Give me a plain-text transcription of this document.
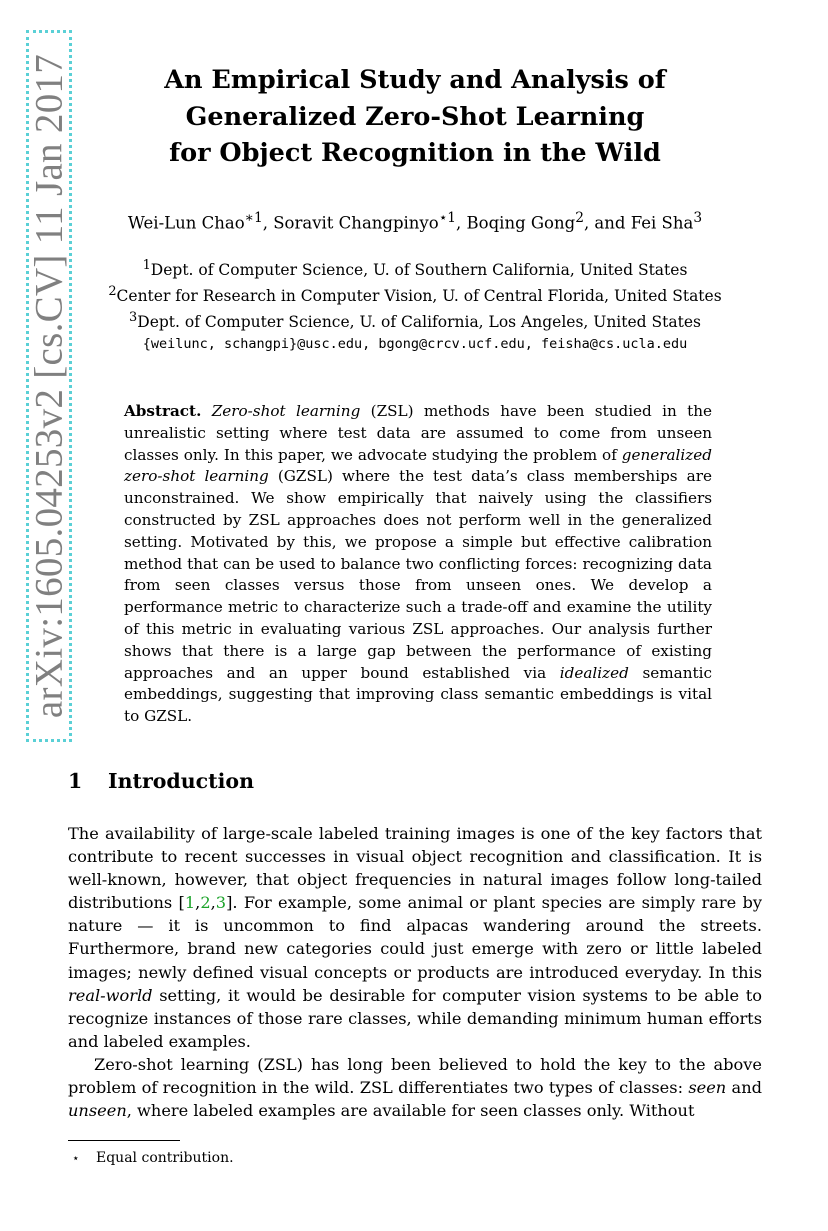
arXiv:1605.04253v2 [cs.CV] 11 Jan 2017	An Empirical Study and Analysis of
Generalized Zero-Shot Learning
for Object Recognition in the Wild
Wei-Lun Chao$^{∗1}$, Soravit Changpinyo$^{⋆1}$, Boqing Gong$^2$, and Fei Sha$^3$
$^1$Dept. of Computer Science, U. of Southern California, United States
$^2$Center for Research in Computer Vision, U. of Central Florida, United States
$^3$Dept. of Computer Science, U. of California, Los Angeles, United States
{weilunc, schangpi}@usc.edu, bgong@crcv.ucf.edu, feisha@cs.ucla.edu

Abstract. Zero-shot learning (ZSL) methods have been studied in the unrealistic setting where test data are assumed to come from unseen classes only. In this paper, we advocate studying the problem of generalized zero-shot learning (GZSL) where the test data’s class memberships are unconstrained. We show empirically that naively using the classifiers constructed by ZSL approaches does not perform well in the generalized setting. Motivated by this, we propose a simple but effective calibration method that can be used to balance two conflicting forces: recognizing data from seen classes versus those from unseen ones. We develop a performance metric to characterize such a trade-off and examine the utility of this metric in evaluating various ZSL approaches. Our analysis further shows that there is a large gap between the performance of existing approaches and an upper bound established via idealized semantic embeddings, suggesting that improving class semantic embeddings is vital to GZSL.

1 Introduction

The availability of large-scale labeled training images is one of the key factors that contribute to recent successes in visual object recognition and classification. It is well-known, however, that object frequencies in natural images follow long-tailed distributions [1,2,3]. For example, some animal or plant species are simply rare by nature — it is uncommon to find alpacas wandering around the streets. Furthermore, brand new categories could just emerge with zero or little labeled images; newly defined visual concepts or products are introduced everyday. In this real-world setting, it would be desirable for computer vision systems to be able to recognize instances of those rare classes, while demanding minimum human efforts and labeled examples.

Zero-shot learning (ZSL) has long been believed to hold the key to the above problem of recognition in the wild. ZSL differentiates two types of classes: seen and unseen, where labeled examples are available for seen classes only. Without

⋆ Equal contribution.
